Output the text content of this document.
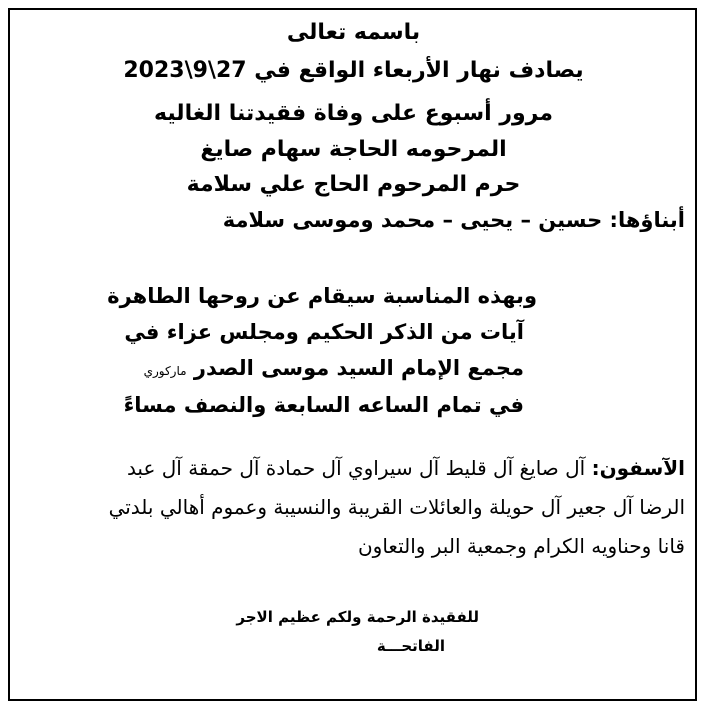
باسمه تعالى
يصادف نهار الأربعاء الواقع في 27\9\2023
مرور أسبوع على وفاة فقيدتنا الغاليه
المرحومه الحاجة سهام صايغ
حرم المرحوم الحاج علي سلامة
أبناؤها: حسين – يحيى – محمد وموسى سلامة
وبهذه المناسبة سيقام عن روحها الطاهرة
آيات من الذكر الحكيم ومجلس عزاء في
مجمع الإمام السيد موسى الصدر ماركوري
في تمام الساعه السابعة والنصف مساءً
الآسفون: آل صايغ آل قليط آل سيراوي آل حمادة آل حمقة آل عبد
الرضا آل جعير آل حويلة والعائلات القريبة والنسيبة وعموم أهالي بلدتي
قانا وحناويه الكرام وجمعية البر والتعاون
للفقيدة الرحمة ولكم عظيم الاجر
الفاتحـــة
